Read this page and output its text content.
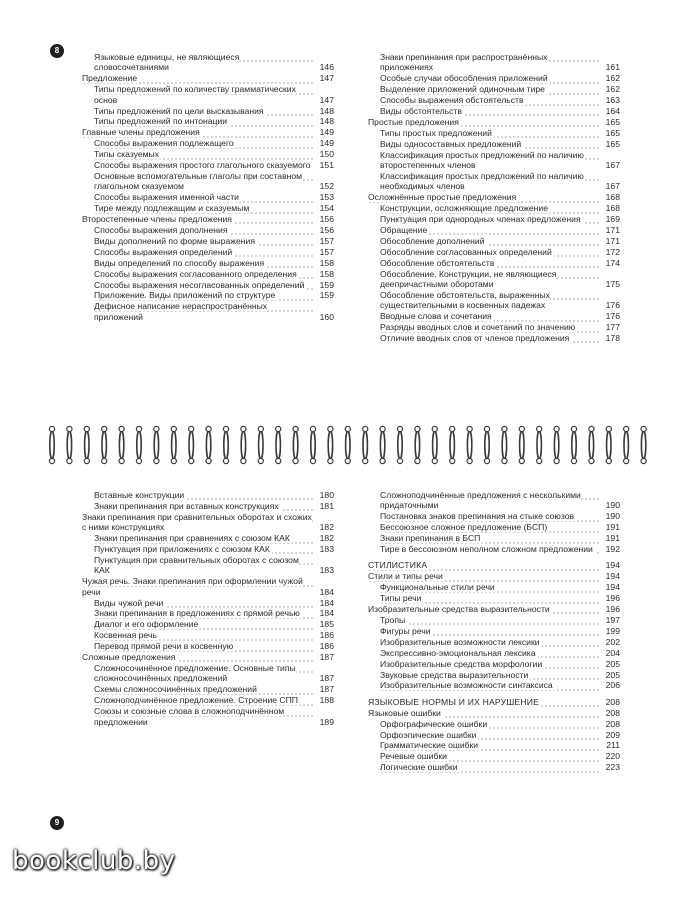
8
Языковые единицы, не являющиеся словосочетаниями	146
Предложение	147
Типы предложений по количеству грамматических основ	147
Типы предложений по цели высказывания	148
Типы предложений по интонации	148
Главные члены предложения	149
Способы выражения подлежащего	149
Типы сказуемых	150
Способы выражения простого глагольного сказуемого	151
Основные вспомогательные глаголы при составном глагольном сказуемом	152
Способы выражения именной части	153
Тире между подлежащим и сказуемым	154
Второстепенные члены предложения	156
Способы выражения дополнения	156
Виды дополнений по форме выражения	157
Способы выражения определений	157
Виды определений по способу выражения	158
Способы выражения согласованного определения	158
Способы выражения несогласованных определений	159
Приложение. Виды приложений по структуре	159
Дефисное написание нераспространённых приложений	160
Знаки препинания при распространённых приложениях	161
Особые случаи обособления приложений	162
Выделение приложений одиночным тире	162
Способы выражения обстоятельств	163
Виды обстоятельств	164
Простые предложения	165
Типы простых предложений	165
Виды односоставных предложений	165
Классификация простых предложений по наличию второстепенных членов	167
Классификация простых предложений по наличию необходимых членов	167
Осложнённые простые предложения	168
Конструкции, осложняющие предложение	168
Пунктуация при однородных членах предложения	169
Обращение	171
Обособление дополнений	171
Обособление согласованных определений	172
Обособление обстоятельств	174
Обособление. Конструкции, не являющиеся деепричастными оборотами	175
Обособление обстоятельств, выраженных существительными в косвенных падежах	176
Вводные слова и сочетания	176
Разряды вводных слов и сочетаний по значению	177
Отличие вводных слов от членов предложения	178
Вставные конструкции	180
Знаки препинания при вставных конструкциях	181
Знаки препинания при сравнительных оборотах и схожих с ними конструкциях	182
Знаки препинания при сравнениях с союзом КАК	182
Пунктуация при приложениях с союзом КАК	183
Пунктуация при сравнительных оборотах с союзом КАК	183
Чужая речь. Знаки препинания при оформлении чужой речи	184
Виды чужой речи	184
Знаки препинания в предложениях с прямой речью	184
Диалог и его оформление	185
Косвенная речь	186
Перевод прямой речи в косвенную	186
Сложные предложения	187
Сложносочинённое предложение. Основные типы сложносочинённых предложений	187
Схемы сложносочинённых предложений	187
Сложноподчинённое предложение. Строение СПП	188
Союзы и союзные слова в сложноподчинённом предложении	189
Сложноподчинённые предложения с несколькими придаточными	190
Постановка знаков препинания на стыке союзов	190
Бессоюзное сложное предложение (БСП)	191
Знаки препинания в БСП	191
Тире в бессоюзном неполном сложном предложении	192
СТИЛИСТИКА	194
Стили и типы речи	194
Функциональные стили речи	194
Типы речи	196
Изобразительные средства выразительности	196
Тропы	197
Фигуры речи	199
Изобразительные возможности лексики	202
Экспрессивно-эмоциональная лексика	204
Изобразительные средства морфологии	205
Звуковые средства выразительности	205
Изобразительные возможности синтаксиса	206
ЯЗЫКОВЫЕ НОРМЫ И ИХ НАРУШЕНИЕ	208
Языковые ошибки	208
Орфографические ошибки	208
Орфоэпические ошибки	209
Грамматические ошибки	211
Речевые ошибки	220
Логические ошибки	223
9
bookclub.by
